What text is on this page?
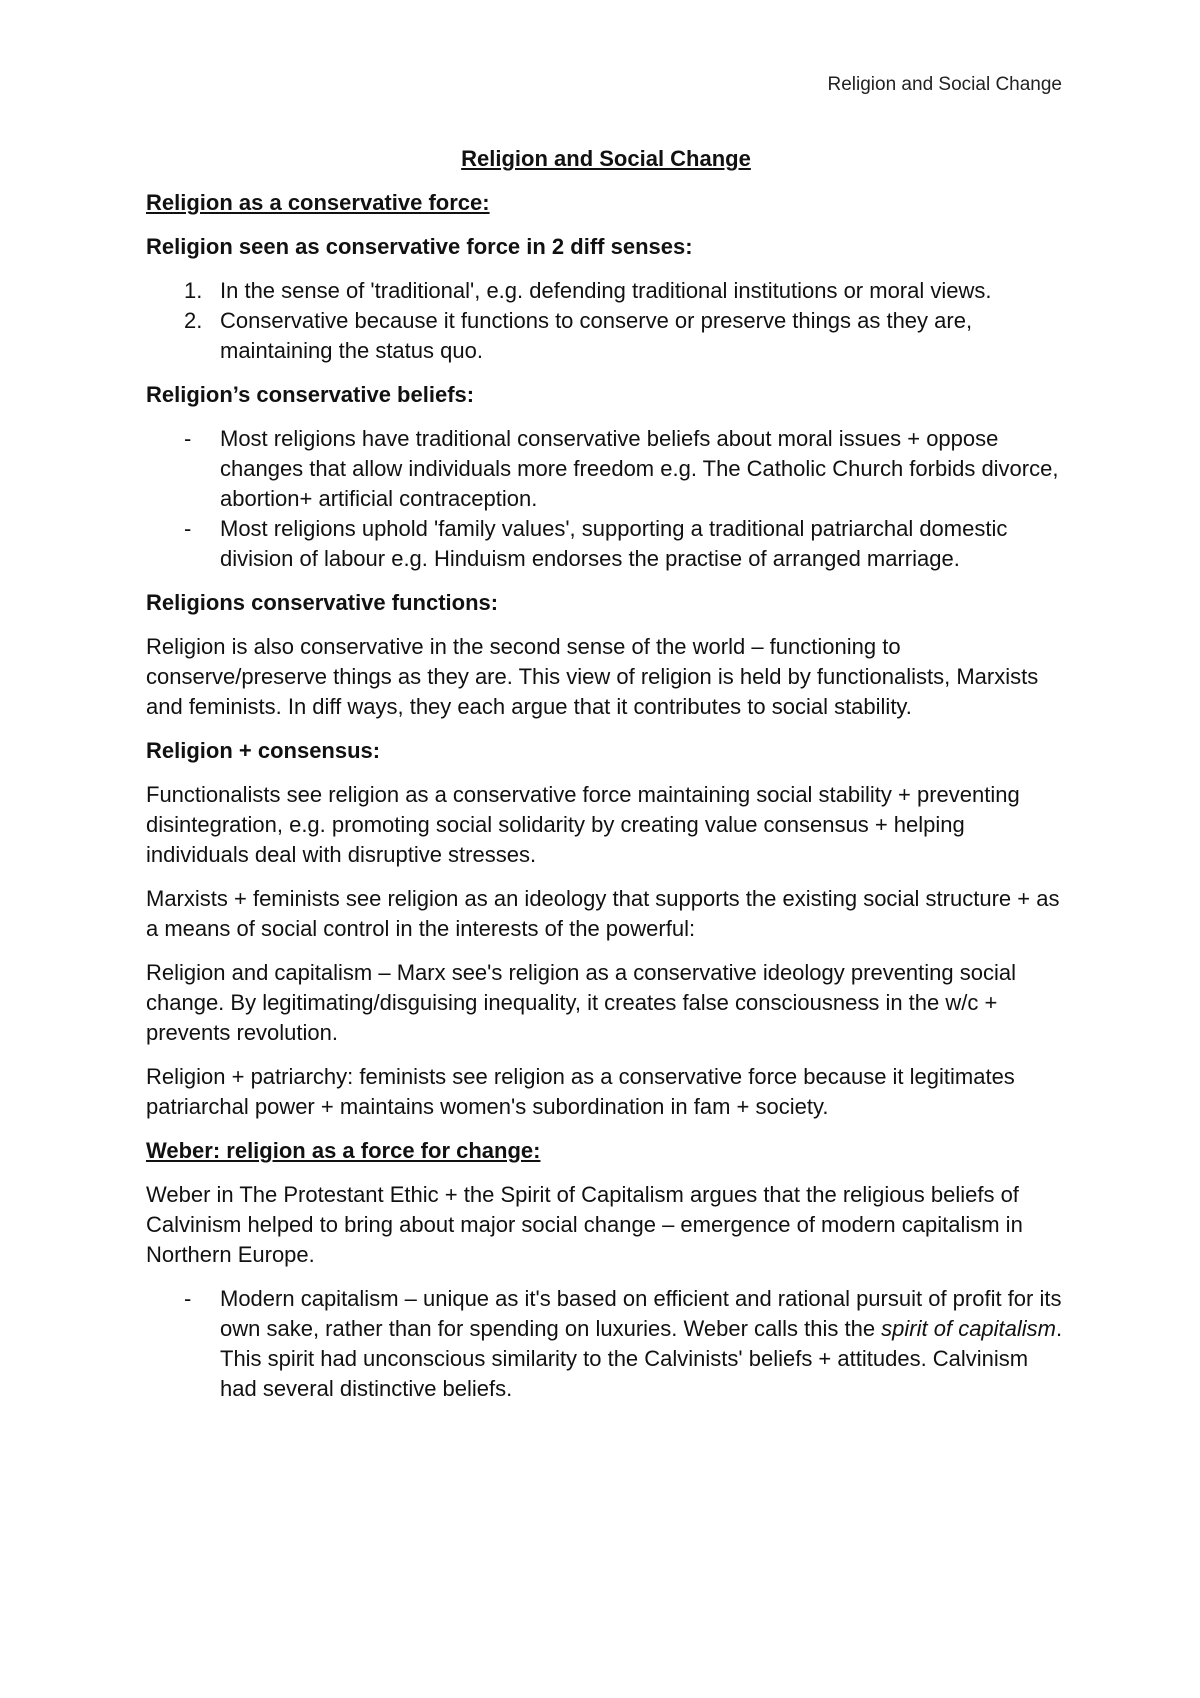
Religion and Social Change
Religion and Social Change
Religion as a conservative force:
Religion seen as conservative force in 2 diff senses:
1. In the sense of 'traditional', e.g. defending traditional institutions or moral views.
2. Conservative because it functions to conserve or preserve things as they are, maintaining the status quo.
Religion’s conservative beliefs:
- Most religions have traditional conservative beliefs about moral issues + oppose changes that allow individuals more freedom e.g. The Catholic Church forbids divorce, abortion+ artificial contraception.
- Most religions uphold 'family values', supporting a traditional patriarchal domestic division of labour e.g. Hinduism endorses the practise of arranged marriage.
Religions conservative functions:

Religion is also conservative in the second sense of the world – functioning to conserve/preserve things as they are. This view of religion is held by functionalists, Marxists and feminists. In diff ways, they each argue that it contributes to social stability.

Religion + consensus:

Functionalists see religion as a conservative force maintaining social stability + preventing disintegration, e.g. promoting social solidarity by creating value consensus + helping individuals deal with disruptive stresses.

Marxists + feminists see religion as an ideology that supports the existing social structure + as a means of social control in the interests of the powerful:

Religion and capitalism – Marx see's religion as a conservative ideology preventing social change. By legitimating/disguising inequality, it creates false consciousness in the w/c + prevents revolution.

Religion + patriarchy: feminists see religion as a conservative force because it legitimates patriarchal power + maintains women's subordination in fam + society.

Weber: religion as a force for change:

Weber in The Protestant Ethic + the Spirit of Capitalism argues that the religious beliefs of Calvinism helped to bring about major social change – emergence of modern capitalism in Northern Europe.

- Modern capitalism – unique as it's based on efficient and rational pursuit of profit for its own sake, rather than for spending on luxuries. Weber calls this the spirit of capitalism. This spirit had unconscious similarity to the Calvinists' beliefs + attitudes. Calvinism had several distinctive beliefs.
